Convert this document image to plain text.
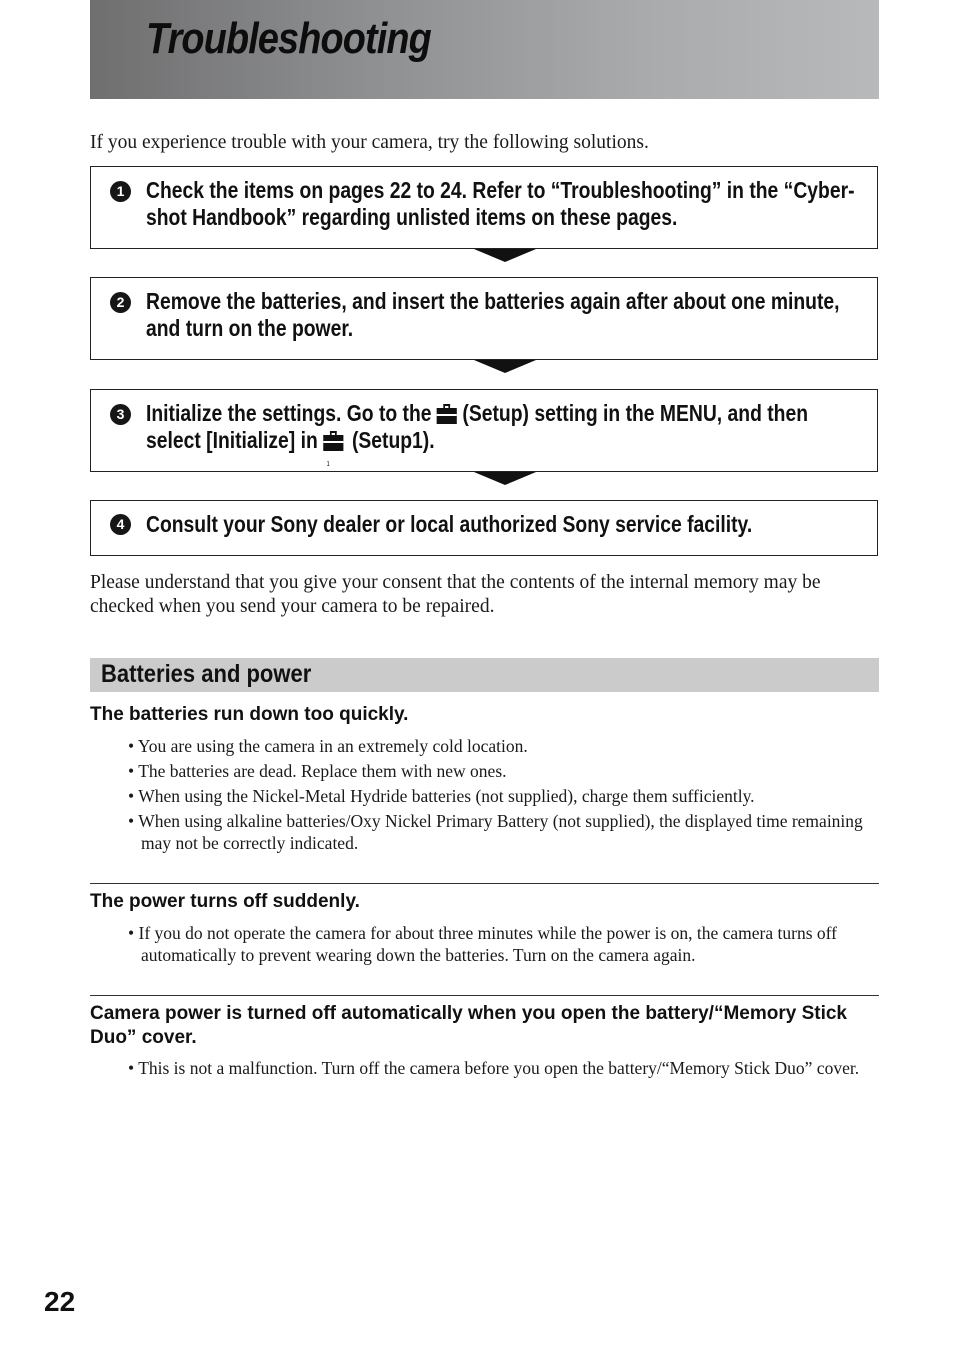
Troubleshooting

If you experience trouble with your camera, try the following solutions.

1 Check the items on pages 22 to 24. Refer to “Troubleshooting” in the “Cyber-shot Handbook” regarding unlisted items on these pages.

2 Remove the batteries, and insert the batteries again after about one minute, and turn on the power.

3 Initialize the settings. Go to the (Setup) setting in the MENU, and then select [Initialize] in
$_1$ (Setup1).

4 Consult your Sony dealer or local authorized Sony service facility.

Please understand that you give your consent that the contents of the internal memory may be checked when you send your camera to be repaired.

Batteries and power
The batteries run down too quickly.
• You are using the camera in an extremely cold location.
• The batteries are dead. Replace them with new ones.
• When using the Nickel-Metal Hydride batteries (not supplied), charge them sufficiently.
• When using alkaline batteries/Oxy Nickel Primary Battery (not supplied), the displayed time remaining may not be correctly indicated.
The power turns off suddenly.
• If you do not operate the camera for about three minutes while the power is on, the camera turns off automatically to prevent wearing down the batteries. Turn on the camera again.
Camera power is turned off automatically when you open the battery/“Memory Stick Duo” cover.
• This is not a malfunction. Turn off the camera before you open the battery/“Memory Stick Duo” cover.

22
